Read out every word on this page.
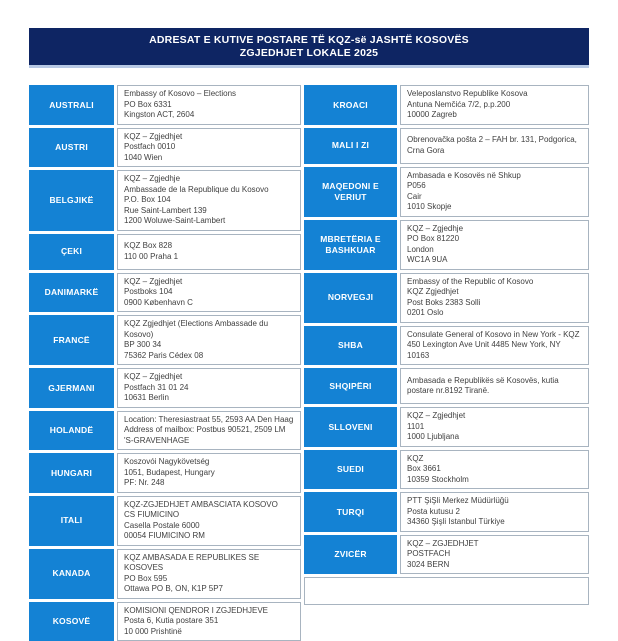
ADRESAT E KUTIVE POSTARE TË KQZ-së JASHTË KOSOVËS
ZGJEDHJET LOKALE 2025
AUSTRALI
Embassy of Kosovo – Elections
PO Box 6331
Kingston ACT, 2604
AUSTRI
KQZ – Zgjedhjet
Postfach 0010
1040 Wien
BELGJIKË
KQZ – Zgjedhje
Ambassade de la Republique du Kosovo
P.O. Box 104
Rue Saint-Lambert 139
1200 Woluwe-Saint-Lambert
ÇEKI
KQZ Box 828
110 00 Praha 1
DANIMARKË
KQZ – Zgjedhjet
Postboks 104
0900 København C
FRANCË
KQZ Zgjedhjet (Elections Ambassade du Kosovo)
BP 300 34
75362 Paris Cédex 08
GJERMANI
KQZ – Zgjedhjet
Postfach 31 01 24
10631 Berlin
HOLANDË
Location: Theresiastraat 55, 2593 AA Den Haag
Address of mailbox: Postbus 90521, 2509 LM 'S-GRAVENHAGE
HUNGARI
Koszovói Nagykövetség
1051, Budapest, Hungary
PF: Nr. 248
ITALI
KQZ-ZGJEDHJET AMBASCIATA KOSOVO
CS FIUMICINO
Casella Postale 6000
00054 FIUMICINO RM
KANADA
KQZ AMBASADA E REPUBLIKES SE KOSOVES
PO Box 595
Ottawa PO B, ON, K1P 5P7
KOSOVË
KOMISIONI QENDROR I ZGJEDHJEVE
Posta 6, Kutia postare 351
10 000 Prishtinë
KROACI
Veleposlanstvo Republike Kosova
Antuna Nemčića 7/2, p.p.200
10000 Zagreb
MALI I ZI
Obrenovačka pošta 2 – FAH br. 131, Podgorica, Crna Gora
MAQEDONI E VERIUT
Ambasada e Kosovës në Shkup
P056
Cair
1010 Skopje
MBRETËRIA E BASHKUAR
KQZ – Zgjedhje
PO Box 81220
London
WC1A 9UA
NORVEGJI
Embassy of the Republic of Kosovo
KQZ Zgjedhjet
Post Boks 2383 Solli
0201 Oslo
SHBA
Consulate General of Kosovo in New York - KQZ
450 Lexington Ave Unit 4485 New York, NY 10163
SHQIPËRI
Ambasada e Republikës së Kosovës, kutia postare nr.8192 Tiranë.
SLLOVENI
KQZ – Zgjedhjet
1101
1000 Ljubljana
SUEDI
KQZ
Box 3661
10359 Stockholm
TURQI
PTT ŞiŞli Merkez Müdürlüğü
Posta kutusu 2
34360 Şişli Istanbul Türkiye
ZVICËR
KQZ – ZGJEDHJET
POSTFACH
3024 BERN
